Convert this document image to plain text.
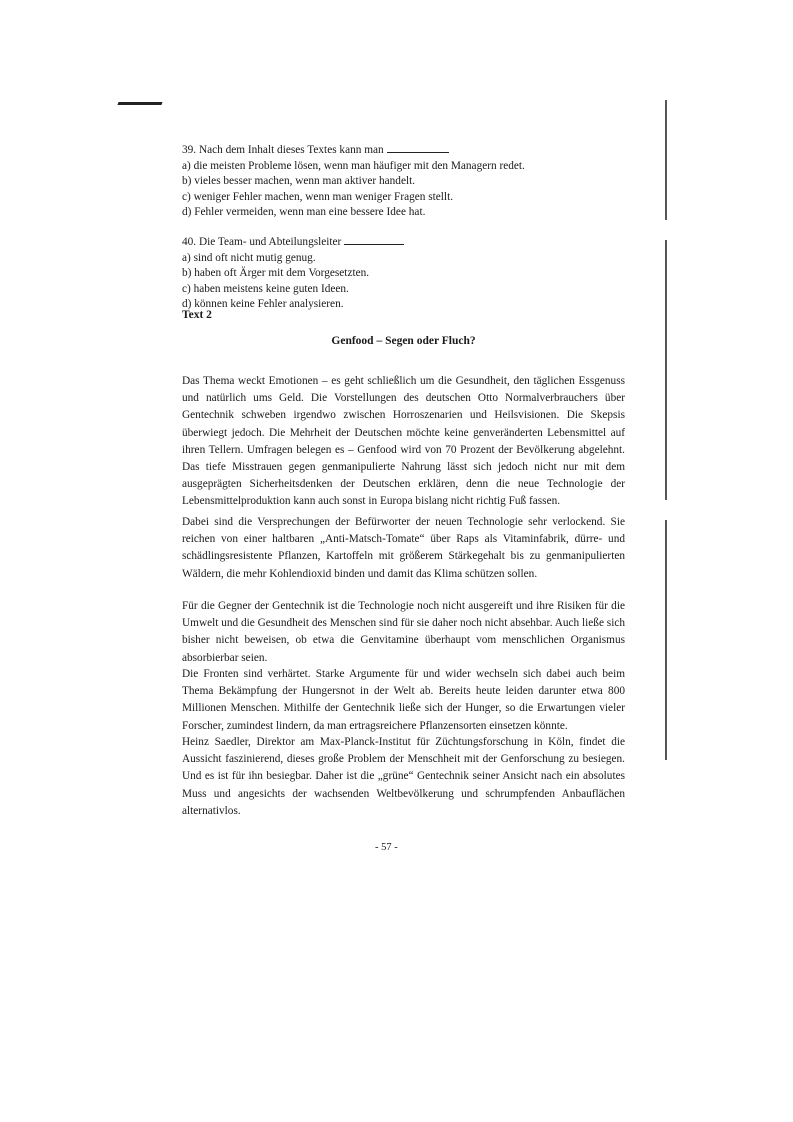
39. Nach dem Inhalt dieses Textes kann man
a) die meisten Probleme lösen, wenn man häufiger mit den Managern redet.
b) vieles besser machen, wenn man aktiver handelt.
c) weniger Fehler machen, wenn man weniger Fragen stellt.
d) Fehler vermeiden, wenn man eine bessere Idee hat.
40. Die Team- und Abteilungsleiter
a) sind oft nicht mutig genug.
b) haben oft Ärger mit dem Vorgesetzten.
c) haben meistens keine guten Ideen.
d) können keine Fehler analysieren.
Text 2
Genfood – Segen oder Fluch?
Das Thema weckt Emotionen – es geht schließlich um die Gesundheit, den täglichen Essgenuss und natürlich ums Geld. Die Vorstellungen des deutschen Otto Normalverbrauchers über Gentechnik schweben irgendwo zwischen Horroszenarien und Heilsvisionen. Die Skepsis überwiegt jedoch. Die Mehrheit der Deutschen möchte keine genveränderten Lebensmittel auf ihren Tellern. Umfragen belegen es – Genfood wird von 70 Prozent der Bevölkerung abgelehnt. Das tiefe Misstrauen gegen genmanipulierte Nahrung lässt sich jedoch nicht nur mit dem ausgeprägten Sicherheitsdenken der Deutschen erklären, denn die neue Technologie der Lebensmittelproduktion kann auch sonst in Europa bislang nicht richtig Fuß fassen.
Dabei sind die Versprechungen der Befürworter der neuen Technologie sehr verlockend. Sie reichen von einer haltbaren „Anti-Matsch-Tomate“ über Raps als Vitaminfabrik, dürre- und schädlingsresistente Pflanzen, Kartoffeln mit größerem Stärkegehalt bis zu genmanipulierten Wäldern, die mehr Kohlendioxid binden und damit das Klima schützen sollen.
Für die Gegner der Gentechnik ist die Technologie noch nicht ausgereift und ihre Risiken für die Umwelt und die Gesundheit des Menschen sind für sie daher noch nicht absehbar. Auch ließe sich bisher nicht beweisen, ob etwa die Genvitamine überhaupt vom menschlichen Organismus absorbierbar seien.
Die Fronten sind verhärtet. Starke Argumente für und wider wechseln sich dabei auch beim Thema Bekämpfung der Hungersnot in der Welt ab. Bereits heute leiden darunter etwa 800 Millionen Menschen. Mithilfe der Gentechnik ließe sich der Hunger, so die Erwartungen vieler Forscher, zumindest lindern, da man ertragsreichere Pflanzensorten einsetzen könnte.
Heinz Saedler, Direktor am Max-Planck-Institut für Züchtungsforschung in Köln, findet die Aussicht faszinierend, dieses große Problem der Menschheit mit der Genforschung zu besiegen. Und es ist für ihn besiegbar. Daher ist die „grüne“ Gentechnik seiner Ansicht nach ein absolutes Muss und angesichts der wachsenden Weltbevölkerung und schrumpfenden Anbauflächen alternativlos.
- 57 -
